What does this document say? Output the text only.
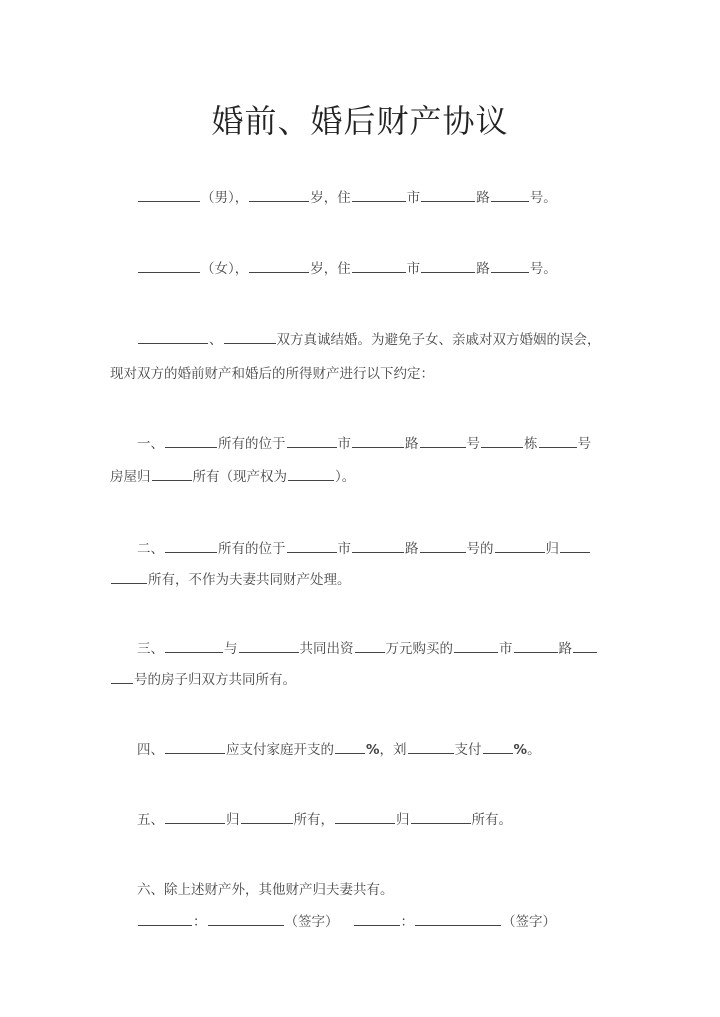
婚前、婚后财产协议
（男），	岁，住	市	路	号。
（女），	岁，住	市	路	号。
、	双方真诚结婚。为避免子女、亲戚对双方婚姻的误会，
现对双方的婚前财产和婚后的所得财产进行以下约定：
一、	所有的位于	市	路	号	栋	号
房屋归	所有（现产权为	）。
二、	所有的位于	市	路	号的	归
所有，不作为夫妻共同财产处理。
三、	与	共同出资 万元购买的	市	路
号的房子归双方共同所有。
四、	应支付家庭开支的 %，刘	支付 %。
五、	归	所有，	归	所有。
六、除上述财产外，其他财产归夫妻共有。
：	（签字）	：	（签字）
